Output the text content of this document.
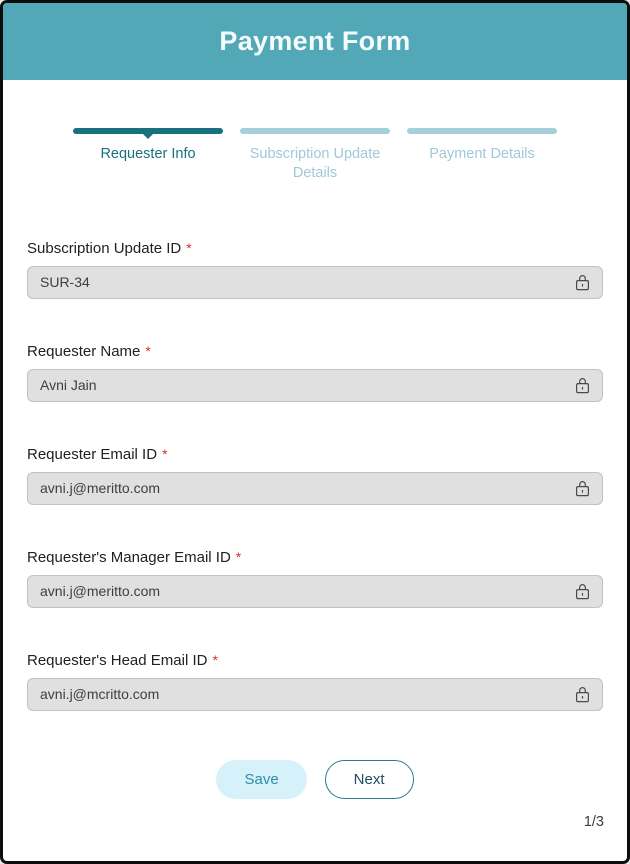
Payment Form
Requester Info	Subscription Update Details
Payment Details
Subscription Update ID *
SUR-34
Requester Name *
Avni Jain
Requester Email ID *
avni.j@meritto.com
Requester's Manager Email ID *
avni.j@meritto.com
Requester's Head Email ID *
avni.j@mcritto.com
Save	Next
1/3
